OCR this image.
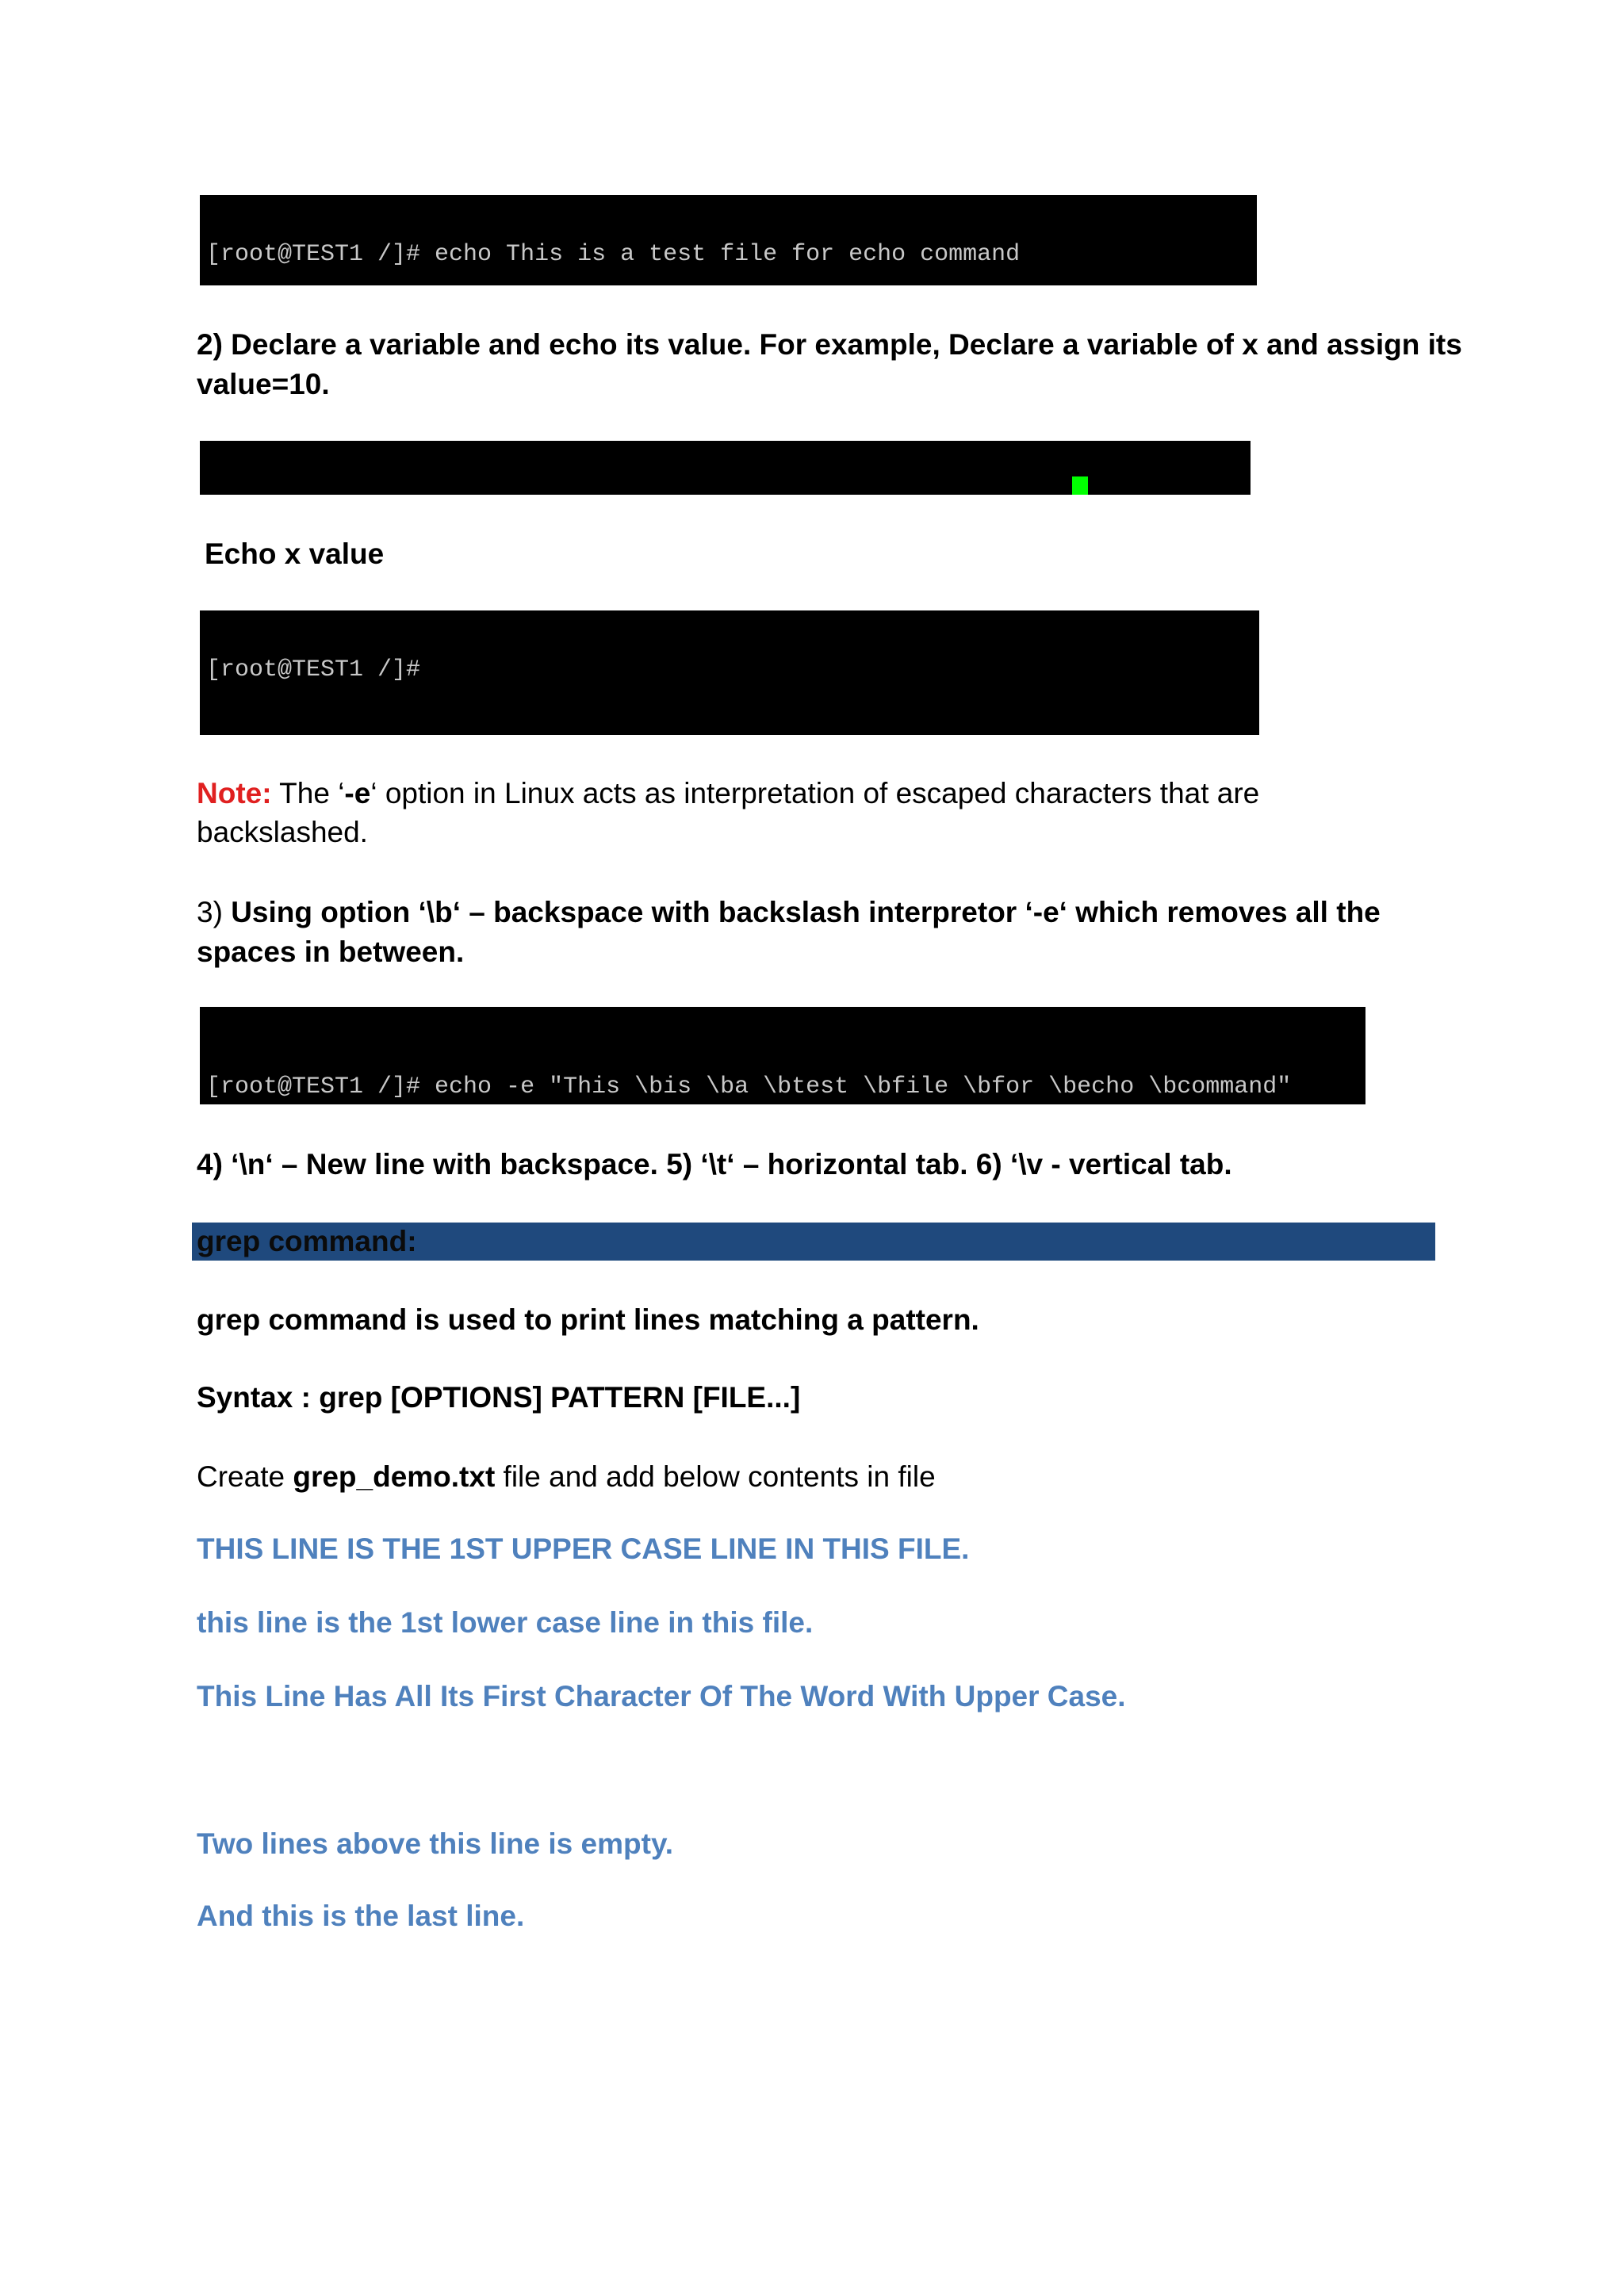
[root@TEST1 /]# echo This is a test file for echo command

2) Declare a variable and echo its value. For example, Declare a variable of x and assign its
value=10.

Echo x value

[root@TEST1 /]#

Note: The ‘-e‘ option in Linux acts as interpretation of escaped characters that are
backslashed.
3) Using option ‘\b‘ – backspace with backslash interpretor ‘-e‘ which removes all the
spaces in between.

[root@TEST1 /]# echo -e "This \bis \ba \btest \bfile \bfor \becho \bcommand"

4) ‘\n‘ – New line with backspace. 5) ‘\t‘ – horizontal tab. 6) ‘\v - vertical tab.
grep command:
grep command is used to print lines matching a pattern.
Syntax : grep [OPTIONS] PATTERN [FILE...]
Create grep_demo.txt file and add below contents in file
THIS LINE IS THE 1ST UPPER CASE LINE IN THIS FILE.
this line is the 1st lower case line in this file.
This Line Has All Its First Character Of The Word With Upper Case.
Two lines above this line is empty.
And this is the last line.
